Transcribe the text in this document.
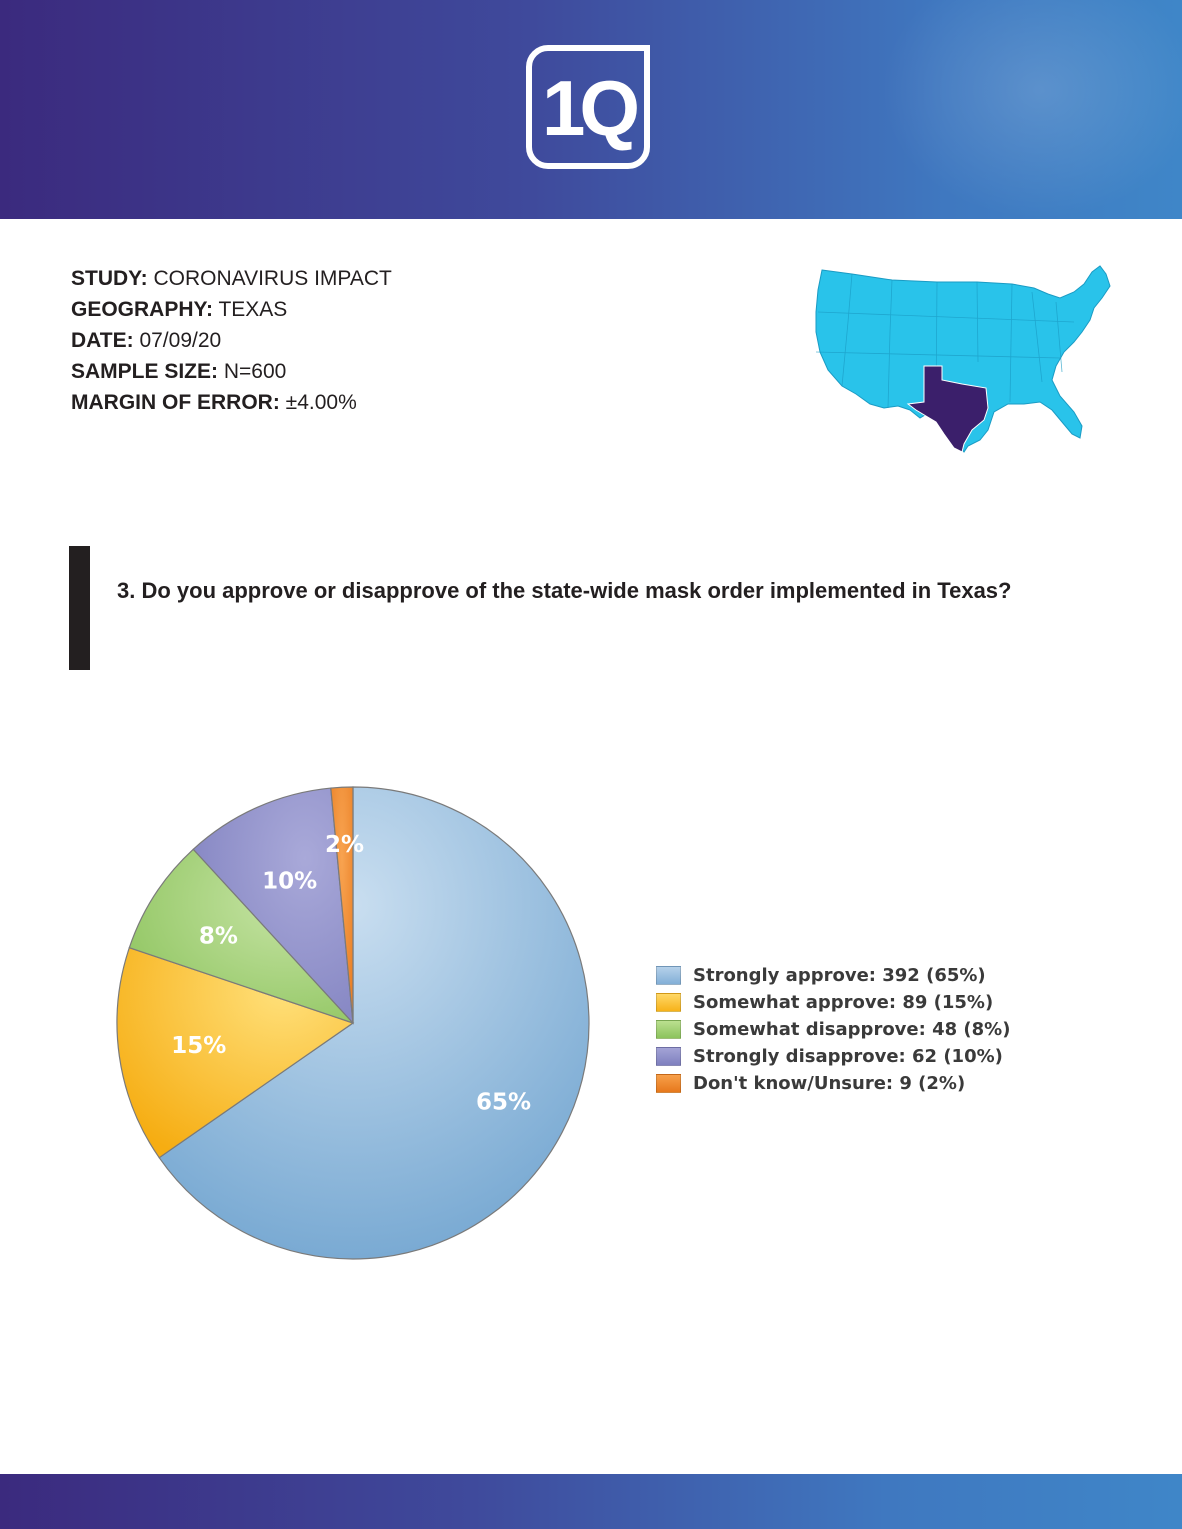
1Q
STUDY: CORONAVIRUS IMPACT
GEOGRAPHY: TEXAS
DATE: 07/09/20
SAMPLE SIZE: N=600
MARGIN OF ERROR: ±4.00%
3. Do you approve or disapprove of the state-wide mask order implemented in Texas?
65%
15%
8%
10%
2%
Strongly approve: 392 (65%)
Somewhat approve: 89 (15%)
Somewhat disapprove: 48 (8%)
Strongly disapprove: 62 (10%)
Don't know/Unsure: 9 (2%)
